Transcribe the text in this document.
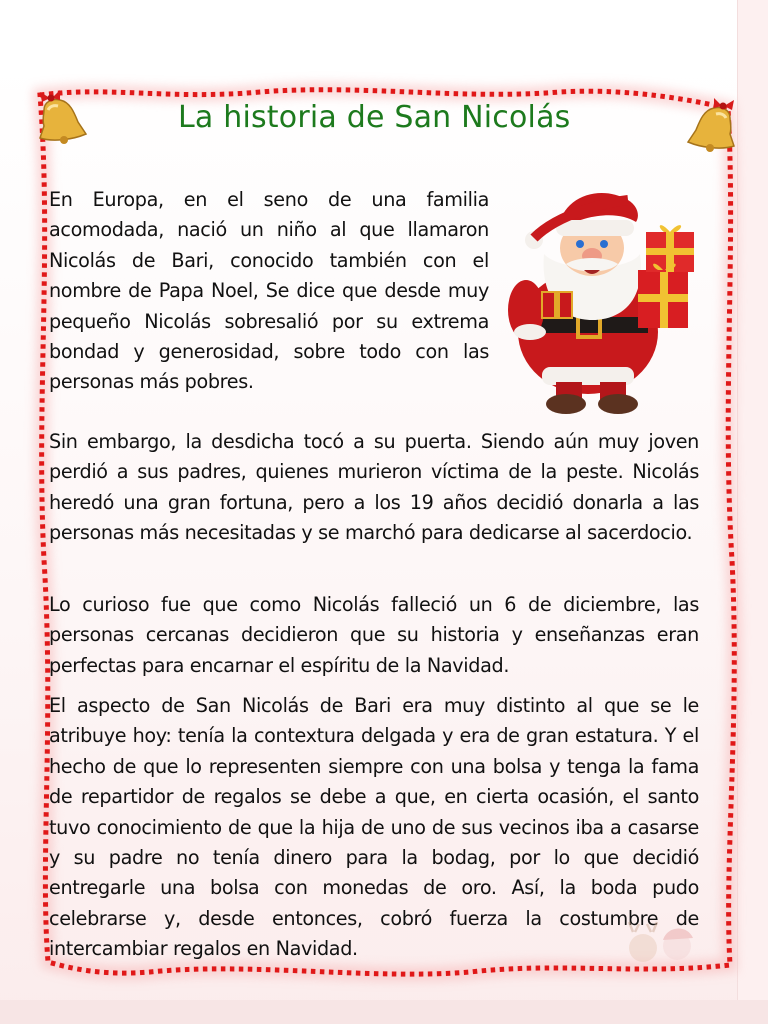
La historia de San Nicolás

En Europa, en el seno de una familia acomodada, nació un niño al que llamaron Nicolás de Bari, conocido también con el nombre de Papa Noel, Se dice que desde muy pequeño Nicolás sobresalió por su extrema bondad y generosidad, sobre todo con las personas más pobres.

Sin embargo, la desdicha tocó a su puerta. Siendo aún muy joven perdió a sus padres, quienes murieron víctima de la peste. Nicolás heredó una gran fortuna, pero a los 19 años decidió donarla a las personas más necesitadas y se marchó para dedicarse al sacerdocio.

Lo curioso fue que como Nicolás falleció un 6 de diciembre, las personas cercanas decidieron que su historia y enseñanzas eran perfectas para encarnar el espíritu de la Navidad.

El aspecto de San Nicolás de Bari era muy distinto al que se le atribuye hoy: tenía la contextura delgada y era de gran estatura. Y el hecho de que lo representen siempre con una bolsa y tenga la fama de repartidor de regalos se debe a que, en cierta ocasión, el santo tuvo conocimiento de que la hija de uno de sus vecinos iba a casarse y su padre no tenía dinero para la bodag, por lo que decidió entregarle una bolsa con monedas de oro. Así, la boda pudo celebrarse y, desde entonces, cobró fuerza la costumbre de intercambiar regalos en Navidad.
